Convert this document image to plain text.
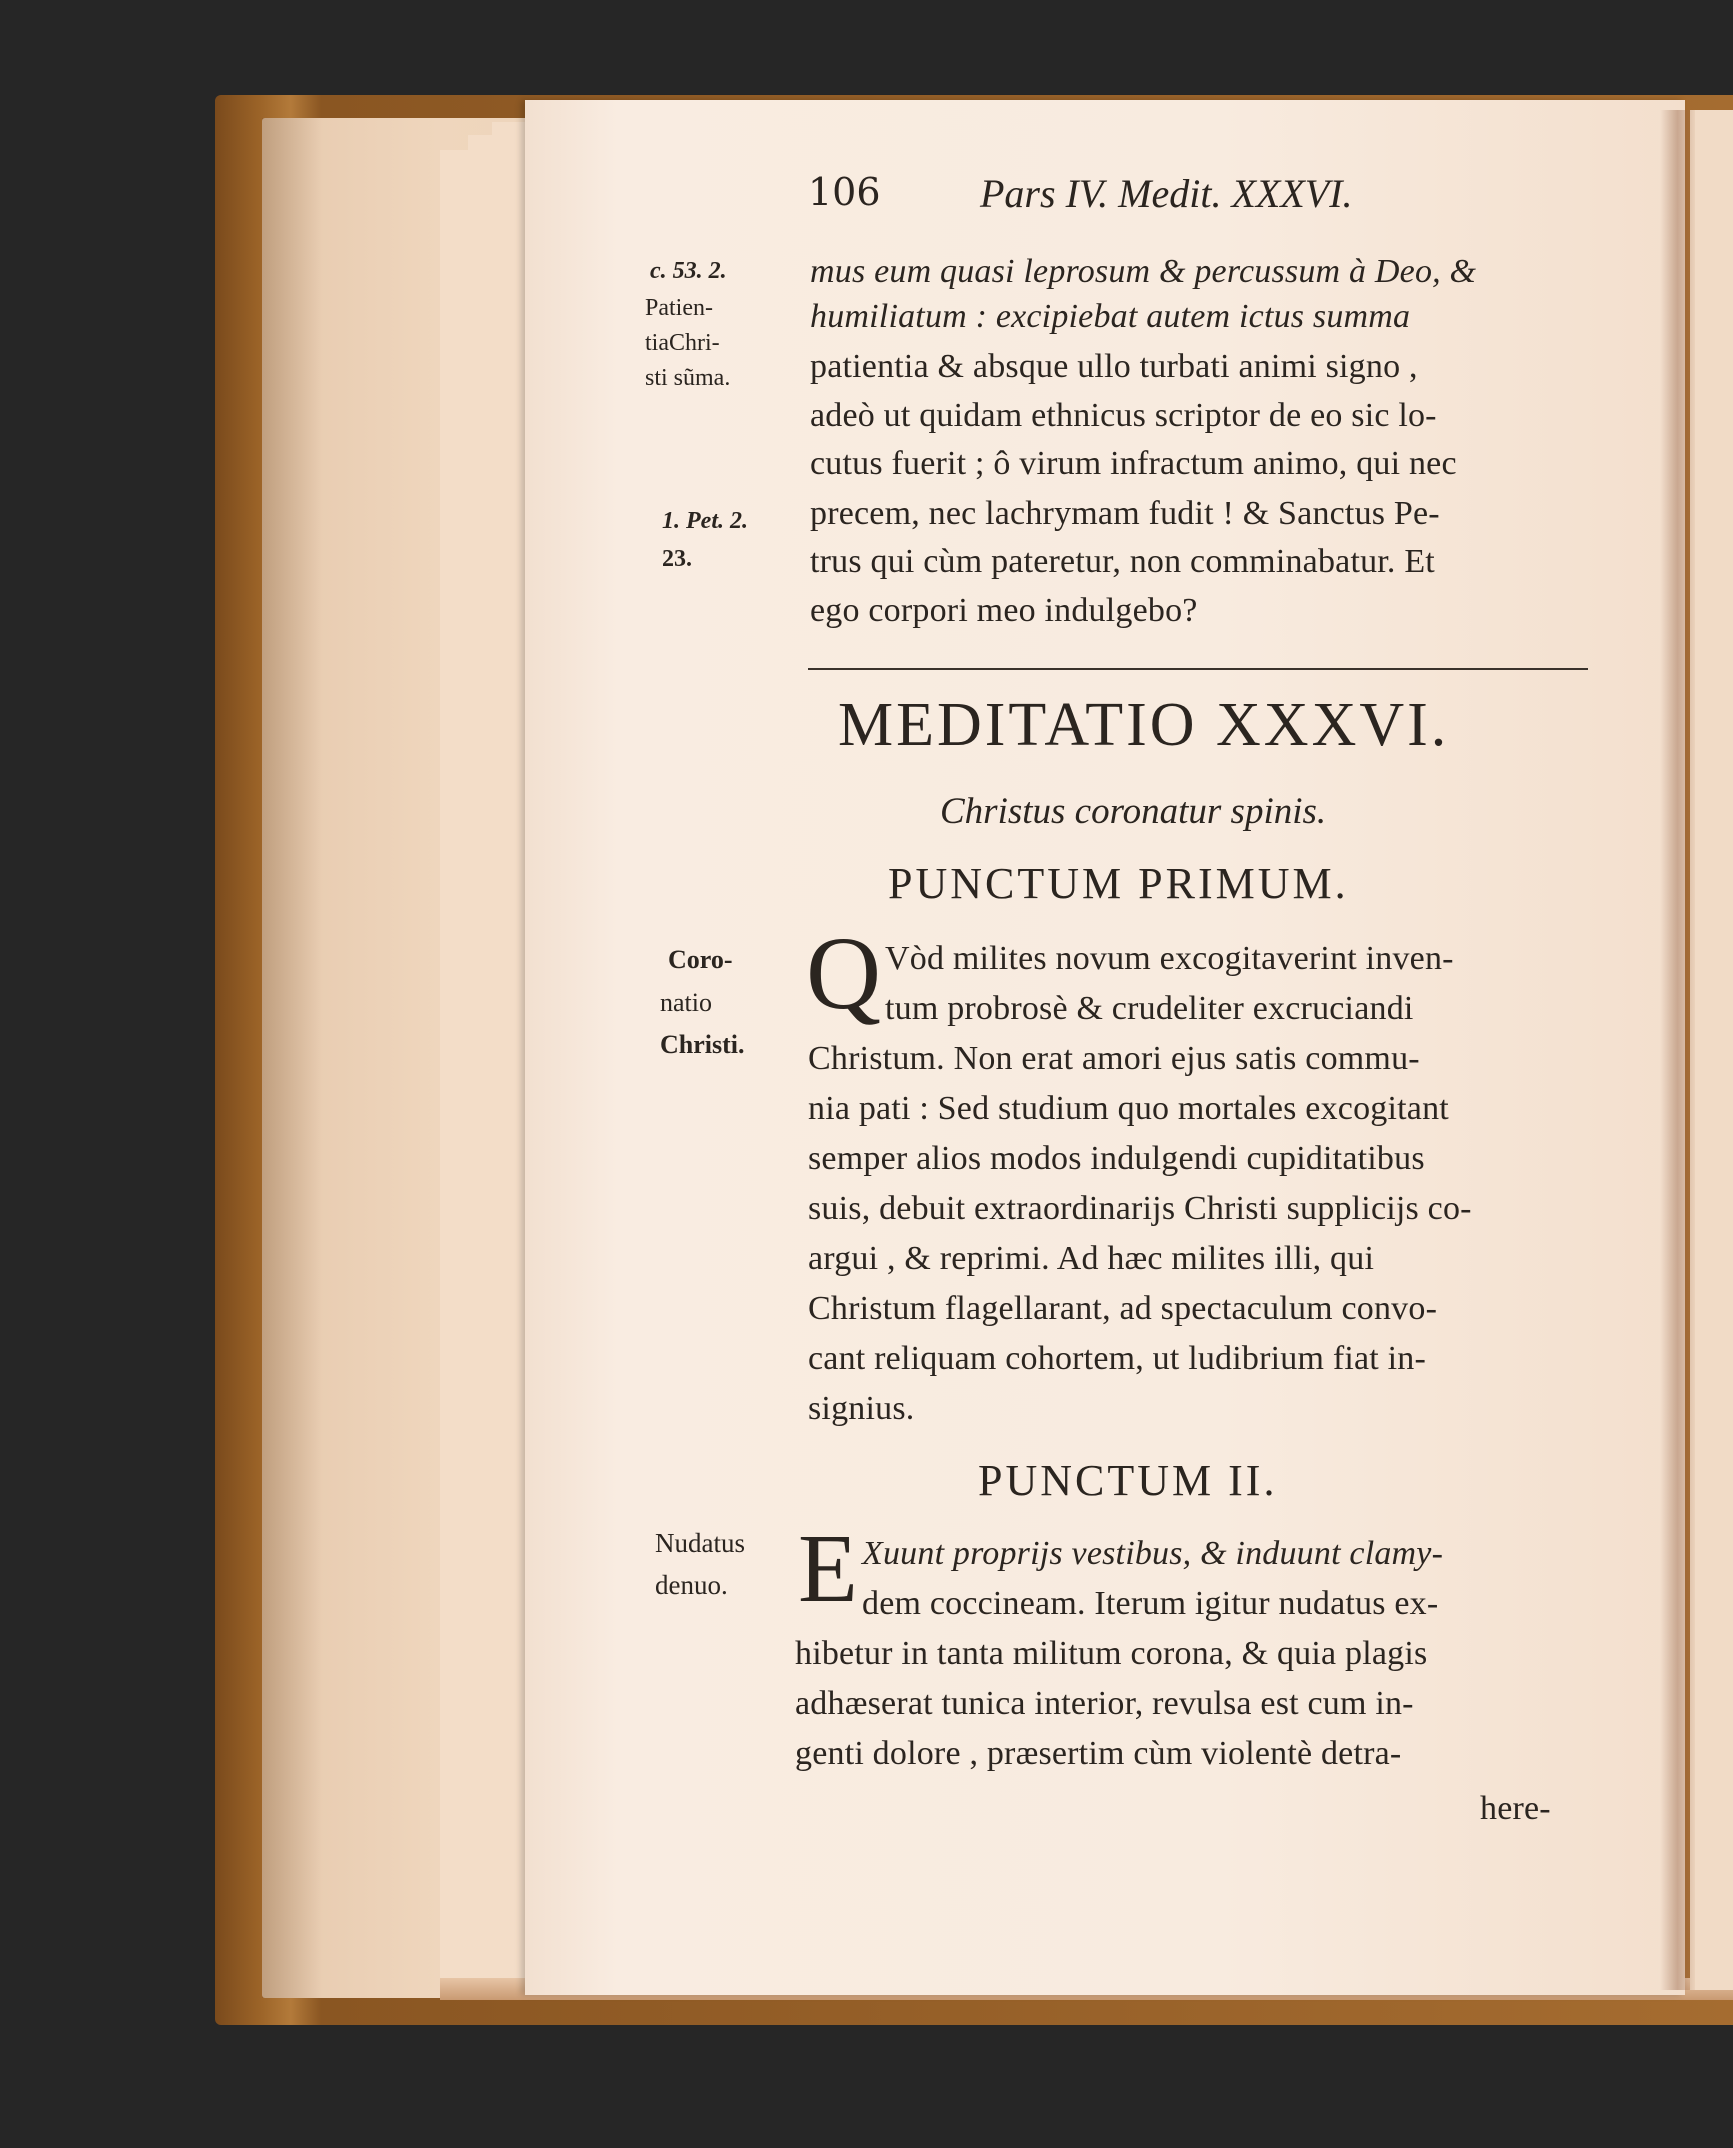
106 Pars IV. Medit. XXXVI.
c. 53. 2.
Patien-
tiaChri-
sti sũma.
1. Pet. 2.
23.
mus eum quasi leprosum & percussum à Deo, &
humiliatum : excipiebat autem ictus summa
patientia & absque ullo turbati animi signo ,
adeò ut quidam ethnicus scriptor de eo sic lo-
cutus fuerit ; ô virum infractum animo, qui nec
precem, nec lachrymam fudit ! & Sanctus Pe-
trus qui cùm pateretur, non comminabatur. Et
ego corpori meo indulgebo?
MEDITATIO XXXVI.
Christus coronatur spinis.
PUNCTUM PRIMUM.
Coro-
natio
Christi.
Q Vòd milites novum excogitaverint inven-
tum probrosè & crudeliter excruciandi
Christum. Non erat amori ejus satis commu-
nia pati : Sed studium quo mortales excogitant
semper alios modos indulgendi cupiditatibus
suis, debuit extraordinarijs Christi supplicijs co-
argui , & reprimi. Ad hæc milites illi, qui
Christum flagellarant, ad spectaculum convo-
cant reliquam cohortem, ut ludibrium fiat in-
signius.
PUNCTUM II.
Nudatus
denuo. E Xuunt proprijs vestibus, & induunt clamy-
dem coccineam. Iterum igitur nudatus ex-
hibetur in tanta militum corona, & quia plagis
adhæserat tunica interior, revulsa est cum in-
genti dolore , præsertim cùm violentè detra-
here-
